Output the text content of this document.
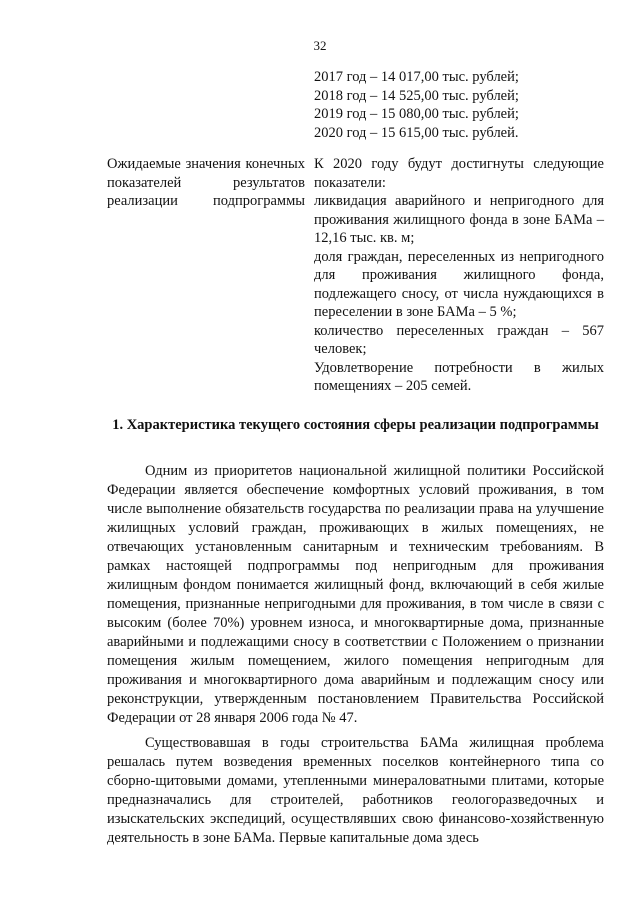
32
2017 год – 14 017,00 тыс. рублей;
2018 год – 14 525,00 тыс. рублей;
2019 год – 15 080,00 тыс. рублей;
2020 год – 15 615,00 тыс. рублей.
Ожидаемые значения конечных показателей результатов реализации подпрограммы

К 2020 году будут достигнуты следующие показатели:

ликвидация аварийного и непригодного для проживания жилищного фонда в зоне БАМа – 12,16 тыс. кв. м;

доля граждан, переселенных из непригодного для проживания жилищного фонда, подлежащего сносу, от числа нуждающихся в переселении в зоне БАМа – 5 %;

количество переселенных граждан – 567 человек;

Удовлетворение потребности в жилых помещениях – 205 семей.

1. Характеристика текущего состояния сферы реализации подпрограммы

Одним из приоритетов национальной жилищной политики Российской Федерации является обеспечение комфортных условий проживания, в том числе выполнение обязательств государства по реализации права на улучшение жилищных условий граждан, проживающих в жилых помещениях, не отвечающих установленным санитарным и техническим требованиям. В рамках настоящей подпрограммы под непригодным для проживания жилищным фондом понимается жилищный фонд, включающий в себя жилые помещения, признанные непригодными для проживания, в том числе в связи с высоким (более 70%) уровнем износа, и многоквартирные дома, признанные аварийными и подлежащими сносу в соответствии с Положением о признании помещения жилым помещением, жилого помещения непригодным для проживания и многоквартирного дома аварийным и подлежащим сносу или реконструкции, утвержденным постановлением Правительства Российской Федерации от 28 января 2006 года № 47.

Существовавшая в годы строительства БАМа жилищная проблема решалась путем возведения временных поселков контейнерного типа со сборно-щитовыми домами, утепленными минераловатными плитами, которые предназначались для строителей, работников геологоразведочных и изыскательских экспедиций, осуществлявших свою финансово-хозяйственную деятельность в зоне БАМа. Первые капитальные дома здесь
